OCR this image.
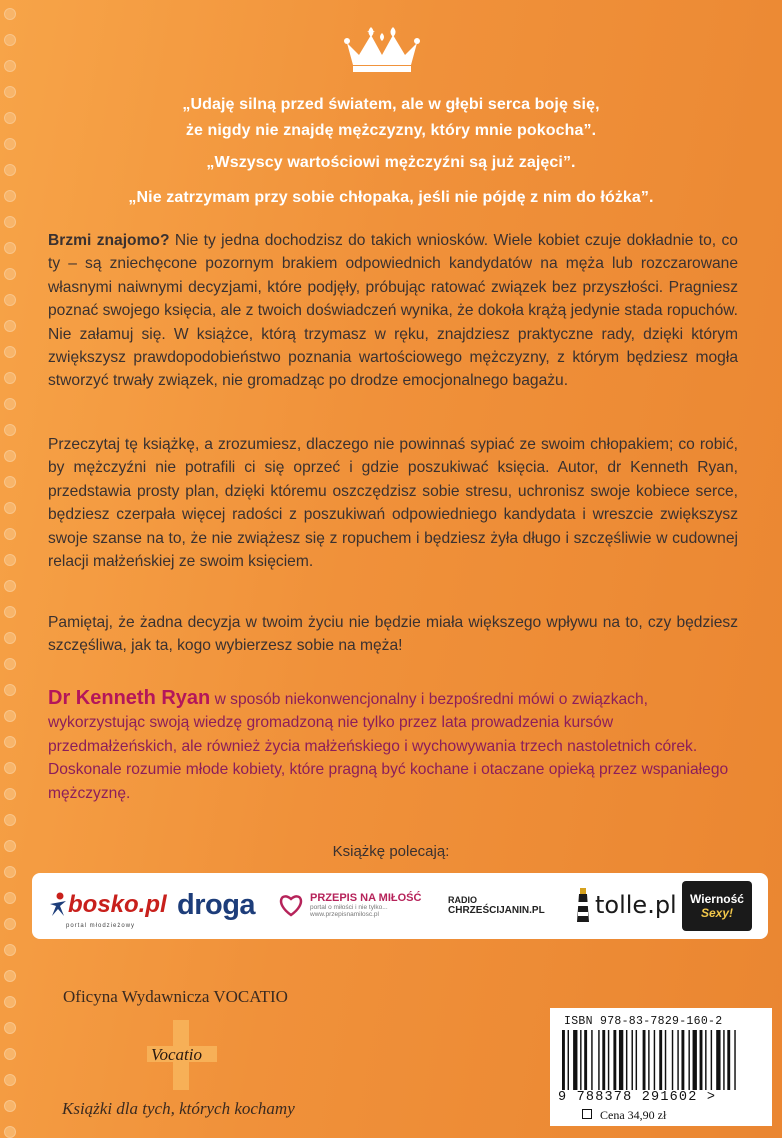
„Udaję silną przed światem, ale w głębi serca boję się,
że nigdy nie znajdę mężczyzny, który mnie pokocha”.
„Wszyscy wartościowi mężczyźni są już zajęci”.
„Nie zatrzymam przy sobie chłopaka, jeśli nie pójdę z nim do łóżka”.

Brzmi znajomo? Nie ty jedna dochodzisz do takich wniosków. Wiele kobiet czuje dokładnie to, co ty – są zniechęcone pozornym brakiem odpowiednich kandydatów na męża lub rozczarowane własnymi naiwnymi decyzjami, które podjęły, próbując ratować związek bez przyszłości. Pragniesz poznać swojego księcia, ale z twoich doświadczeń wynika, że dokoła krążą jedynie stada ropuchów. Nie załamuj się. W książce, którą trzymasz w ręku, znajdziesz praktyczne rady, dzięki którym zwiększysz prawdopodobieństwo poznania wartościowego mężczyzny, z którym będziesz mogła stworzyć trwały związek, nie gromadząc po drodze emocjonalnego bagażu.

Przeczytaj tę książkę, a zrozumiesz, dlaczego nie powinnaś sypiać ze swoim chłopakiem; co robić, by mężczyźni nie potrafili ci się oprzeć i gdzie poszukiwać księcia. Autor, dr Kenneth Ryan, przedstawia prosty plan, dzięki któremu oszczędzisz sobie stresu, uchronisz swoje kobiece serce, będziesz czerpała więcej radości z poszukiwań odpowiedniego kandydata i wreszcie zwiększysz swoje szanse na to, że nie zwiążesz się z ropuchem i będziesz żyła długo i szczęśliwie w cudownej relacji małżeńskiej ze swoim księciem.

Pamiętaj, że żadna decyzja w twoim życiu nie będzie miała większego wpływu na to, czy będziesz szczęśliwa, jak ta, kogo wybierzesz sobie na męża!

Dr Kenneth Ryan w sposób niekonwencjonalny i bezpośredni mówi o związkach, wykorzystując swoją wiedzę gromadzoną nie tylko przez lata prowadzenia kursów przedmałżeńskich, ale również życia małżeńskiego i wychowywania trzech nastoletnich córek. Doskonale rozumie młode kobiety, które pragną być kochane i otaczane opieką przez wspaniałego mężczyznę.

Książkę polecają:
bosko.pl
portal młodzieżowy
droga	PRZEPIS NA MIŁOŚĆ
portal o miłości i nie tylko...
www.przepisnamilosc.pl
RADIO
CHRZEŚCIJANIN.PL tolle.pl Wierność
Sexy!
Oficyna Wydawnicza VOCATIO
Vocatio
Książki dla tych, których kochamy
ISBN 978-83-7829-160-2
9 788378 291602 >
Cena 34,90 zł
